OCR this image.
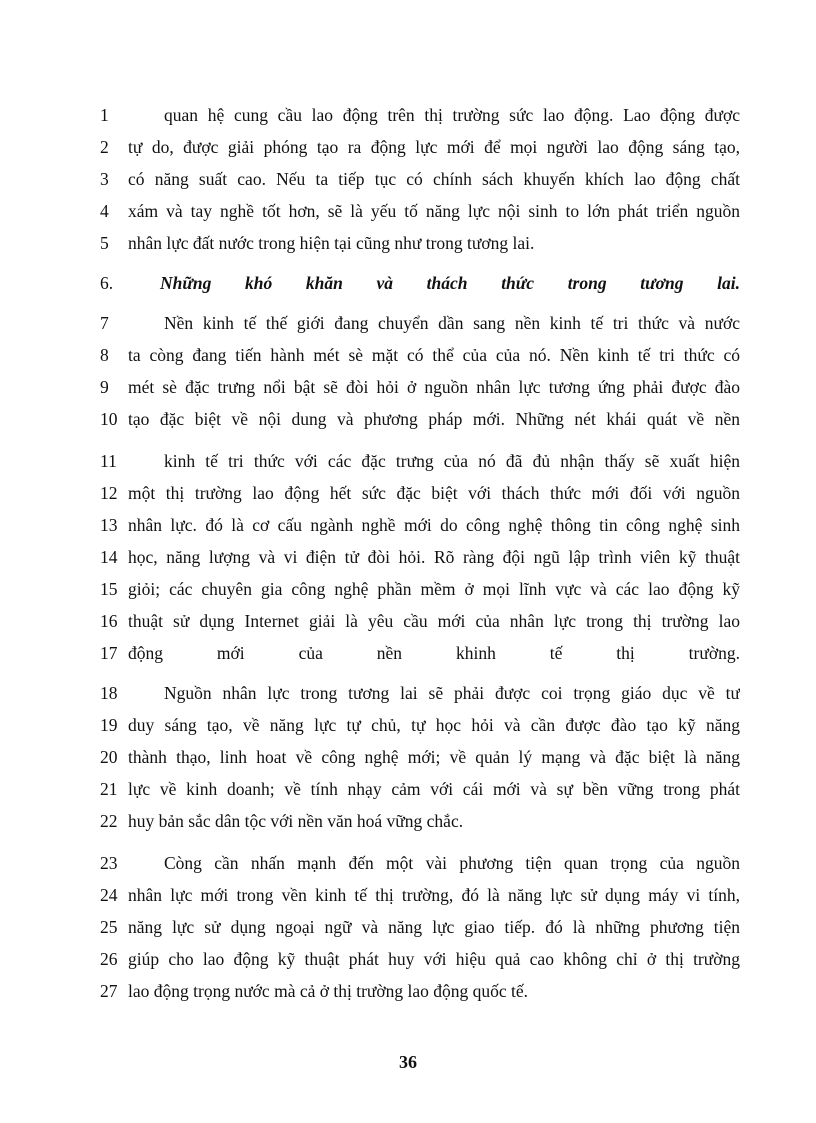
1	quan hệ cung cầu lao động trên thị trường sức lao động. Lao động được
2	tự do, được giải phóng tạo ra động lực mới để mọi người lao động sáng tạo,
3	có năng suất cao. Nếu ta tiếp tục có chính sách khuyến khích lao động chất
4	xám và tay nghề tốt hơn, sẽ là yếu tố năng lực nội sinh to lớn phát triển nguồn
5	nhân lực đất nước trong hiện tại cũng như trong tương lai.
6.	Những khó khăn và thách thức trong tương lai.
7	Nền kinh tế thế giới đang chuyển dần sang nền kinh tế tri thức và nước
8	ta còng đang tiến hành mét sè mặt có thể của của nó. Nền kinh tế tri thức có
9	mét sè đặc trưng nổi bật sẽ đòi hỏi ở nguồn nhân lực tương ứng phải được đào
10 tạo đặc biệt về nội dung và phương pháp mới. Những nét khái quát về nền
11	kinh tế tri thức với các đặc trưng của nó đã đủ nhận thấy sẽ xuất hiện
12 một thị trường lao động hết sức đặc biệt với thách thức mới đối với nguồn
13 nhân lực. đó là cơ cấu ngành nghề mới do công nghệ thông tin công nghệ sinh
14 học, năng lượng và vi điện tử đòi hỏi. Rõ ràng đội ngũ lập trình viên kỹ thuật
15 giỏi; các chuyên gia công nghệ phần mềm ở mọi lĩnh vực và các lao động kỹ
16 thuật sử dụng Internet giải là yêu cầu mới của nhân lực trong thị trường lao
17 động mới của nền khinh tế thị trường.
18	Nguồn nhân lực trong tương lai sẽ phải được coi trọng giáo dục về tư
19 duy sáng tạo, về năng lực tự chủ, tự học hỏi và cần được đào tạo kỹ năng
20 thành thạo, linh hoat về công nghệ mới; về quản lý mạng và đặc biệt là năng
21 lực về kinh doanh; về tính nhạy cảm với cái mới và sự bền vững trong phát
22 huy bản sắc dân tộc với nền văn hoá vững chắc.
23	Còng cần nhấn mạnh đến một vài phương tiện quan trọng của nguồn
24 nhân lực mới trong vền kinh tế thị trường, đó là năng lực sử dụng máy vi tính,
25 năng lực sử dụng ngoại ngữ và năng lực giao tiếp. đó là những phương tiện
26 giúp cho lao động kỹ thuật phát huy với hiệu quả cao không chỉ ở thị trường
27 lao động trọng nước mà cả ở thị trường lao động quốc tế.
36
